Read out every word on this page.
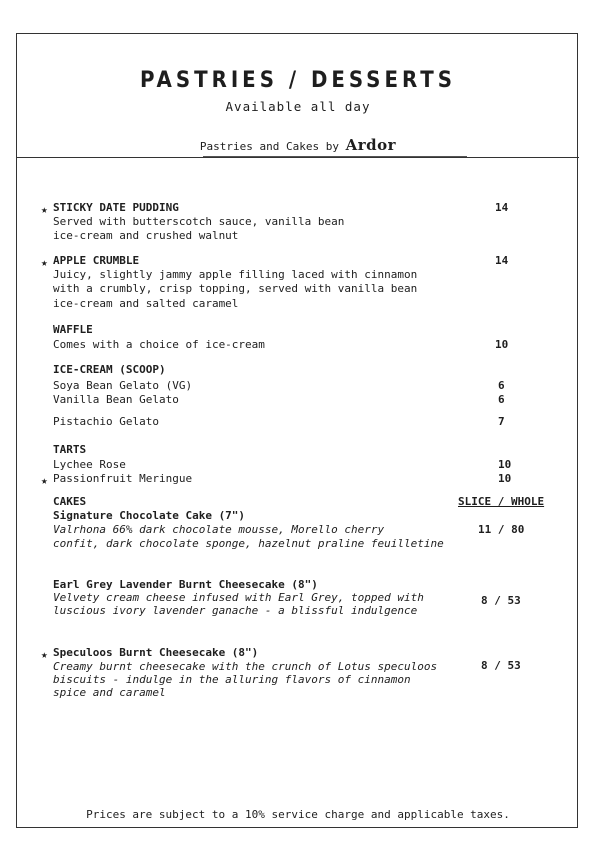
PASTRIES / DESSERTS
Available all day
Pastries and Cakes by Ardor
★ STICKY DATE PUDDING
Served with butterscotch sauce, vanilla bean
ice-cream and crushed walnut
14
★ APPLE CRUMBLE
Juicy, slightly jammy apple filling laced with cinnamon
with a crumbly, crisp topping, served with vanilla bean
ice-cream and salted caramel
14
WAFFLE
Comes with a choice of ice-cream	10
ICE-CREAM (SCOOP)
Soya Bean Gelato (VG)	6
Vanilla Bean Gelato	6
Pistachio Gelato	7
TARTS
Lychee Rose	10
★ Passionfruit Meringue	10
CAKES	SLICE / WHOLE
Signature Chocolate Cake (7")
Valrhona 66% dark chocolate mousse, Morello cherry
confit, dark chocolate sponge, hazelnut praline feuilletine
11 / 80
Earl Grey Lavender Burnt Cheesecake (8")
Velvety cream cheese infused with Earl Grey, topped with
luscious ivory lavender ganache - a blissful indulgence
8 / 53
★ Speculoos Burnt Cheesecake (8")
Creamy burnt cheesecake with the crunch of Lotus speculoos
biscuits - indulge in the alluring flavors of cinnamon
spice and caramel
8 / 53
Prices are subject to a 10% service charge and applicable taxes.
